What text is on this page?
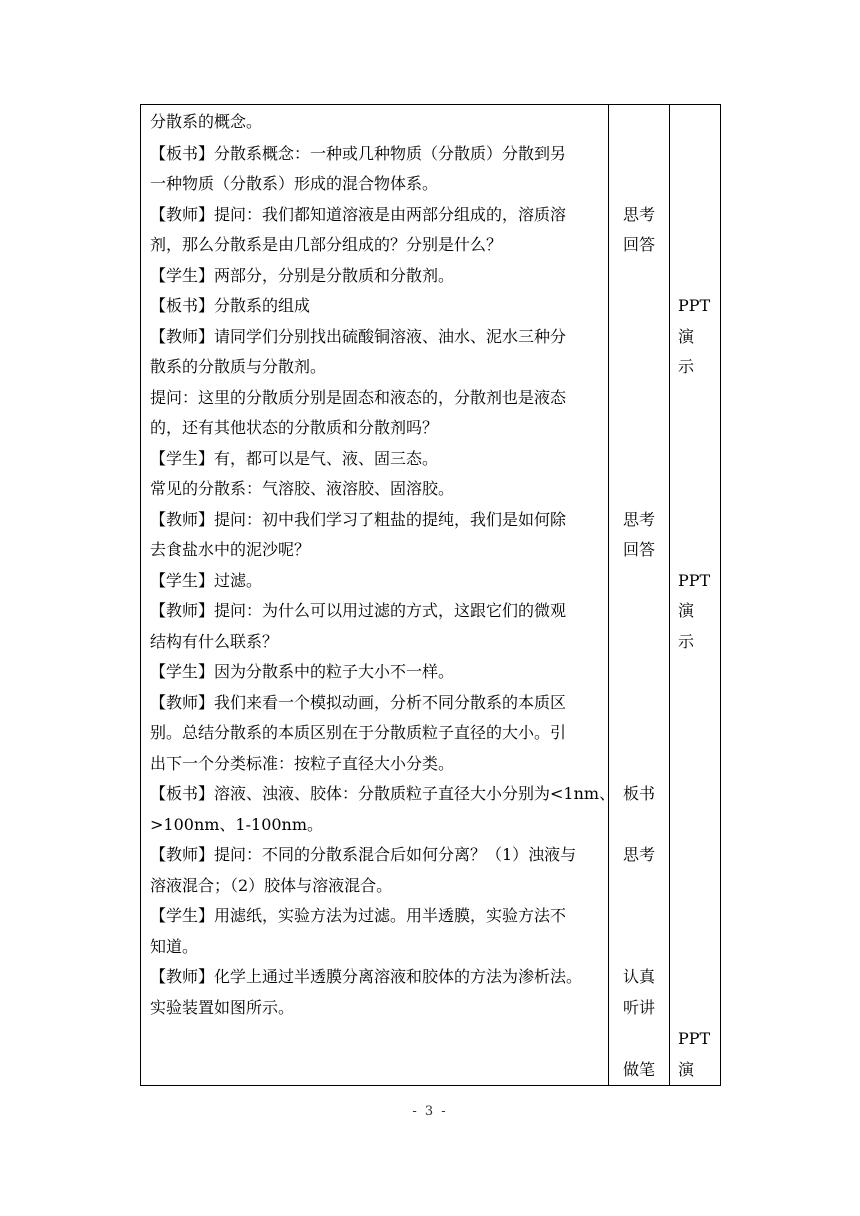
分散系的概念。
【板书】分散系概念：一种或几种物质（分散质）分散到另
一种物质（分散系）形成的混合物体系。
【教师】提问：我们都知道溶液是由两部分组成的，溶质溶
剂，那么分散系是由几部分组成的？分别是什么？
【学生】两部分，分别是分散质和分散剂。
【板书】分散系的组成
【教师】请同学们分别找出硫酸铜溶液、油水、泥水三种分
散系的分散质与分散剂。
提问：这里的分散质分别是固态和液态的，分散剂也是液态
的，还有其他状态的分散质和分散剂吗？
【学生】有，都可以是气、液、固三态。
常见的分散系：气溶胶、液溶胶、固溶胶。
【教师】提问：初中我们学习了粗盐的提纯，我们是如何除
去食盐水中的泥沙呢？
【学生】过滤。
【教师】提问：为什么可以用过滤的方式，这跟它们的微观
结构有什么联系？
【学生】因为分散系中的粒子大小不一样。
【教师】我们来看一个模拟动画，分析不同分散系的本质区
别。总结分散系的本质区别在于分散质粒子直径的大小。引
出下一个分类标准：按粒子直径大小分类。
【板书】溶液、浊液、胶体：分散质粒子直径大小分别为<1nm、
>100nm、1-100nm。
【教师】提问：不同的分散系混合后如何分离？（1）浊液与
溶液混合；（2）胶体与溶液混合。
【学生】用滤纸，实验方法为过滤。用半透膜，实验方法不
知道。
【教师】化学上通过半透膜分离溶液和胶体的方法为渗析法。
实验装置如图所示。
思考
回答
思考
回答
板书
思考
认真
听讲
做笔
PPT
演
示
PPT
演
示
PPT
演
- 3 -
